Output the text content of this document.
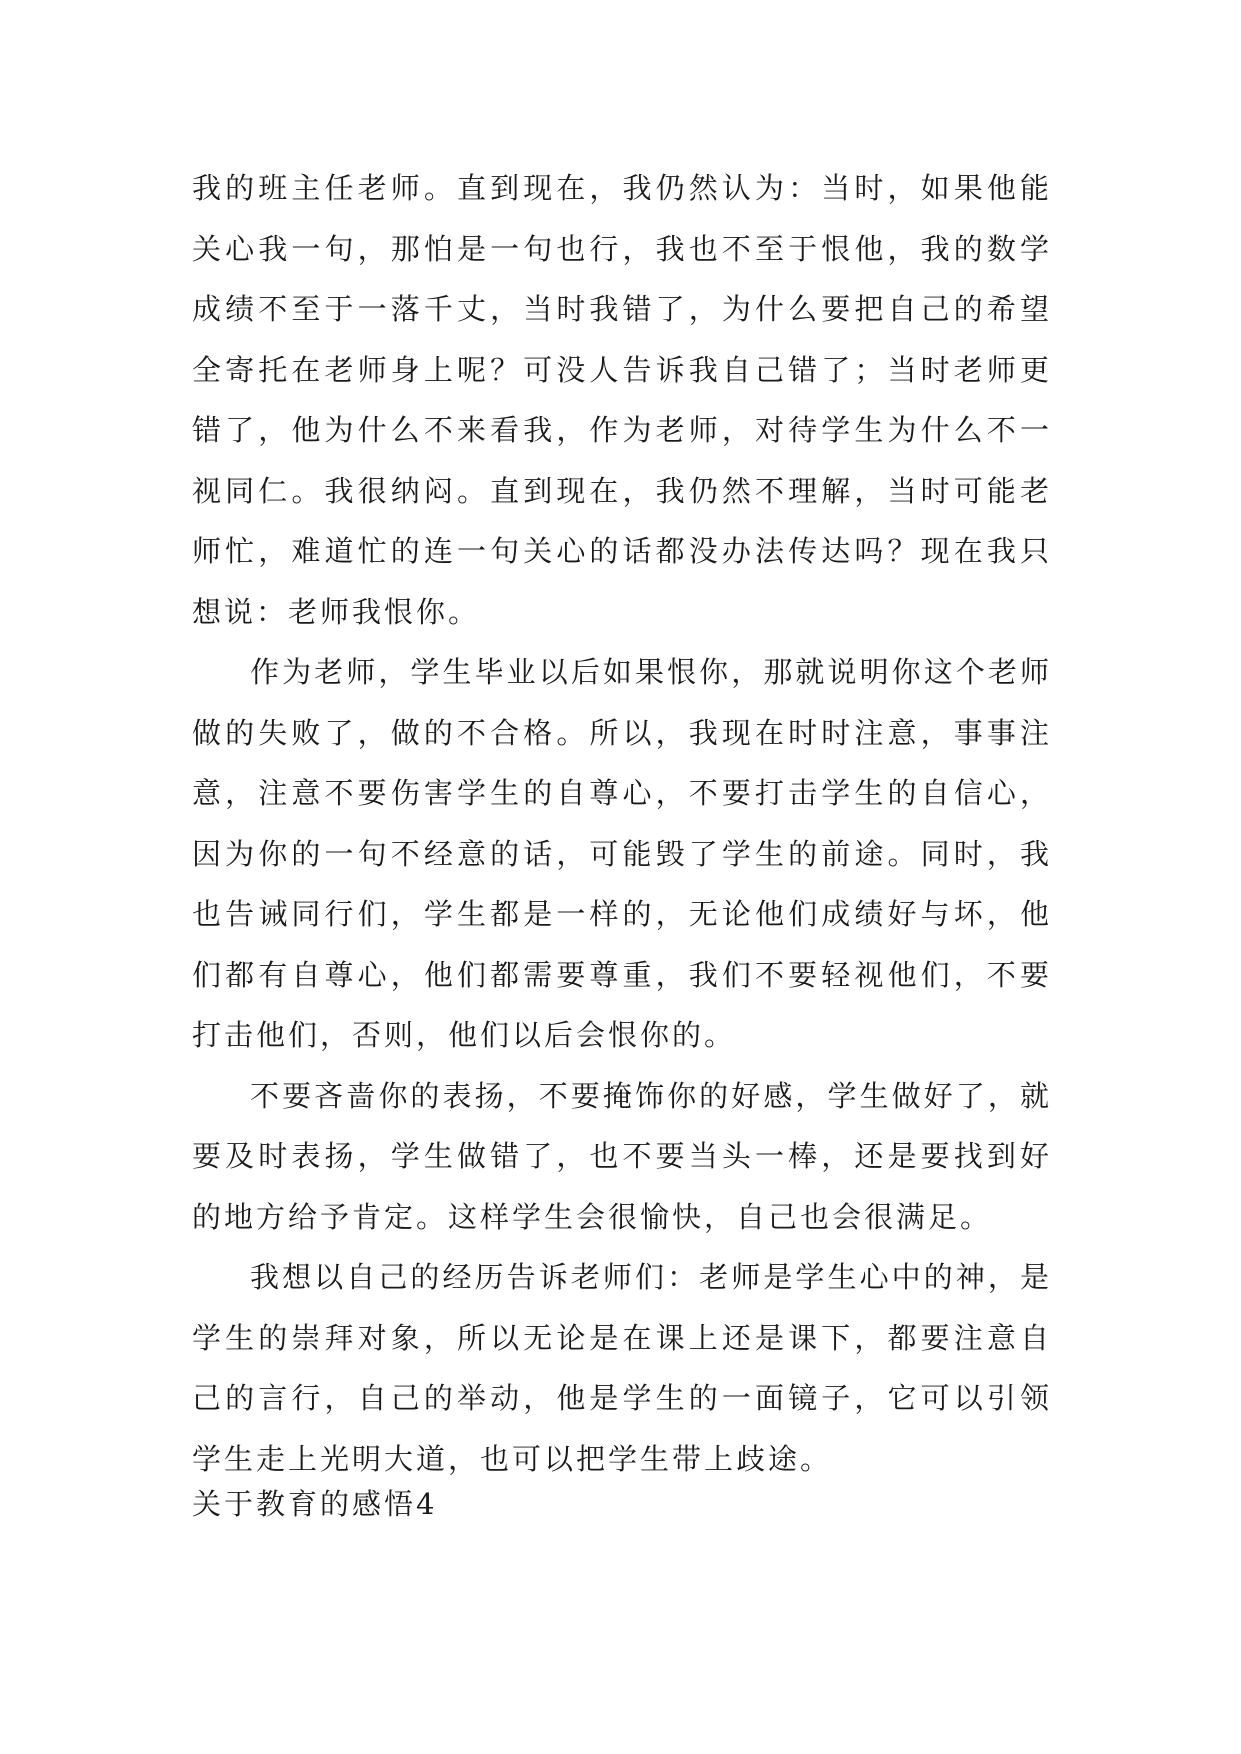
我的班主任老师。直到现在，我仍然认为：当时，如果他能关心我一句，那怕是一句也行，我也不至于恨他，我的数学成绩不至于一落千丈，当时我错了，为什么要把自己的希望全寄托在老师身上呢？可没人告诉我自己错了；当时老师更错了，他为什么不来看我，作为老师，对待学生为什么不一视同仁。我很纳闷。直到现在，我仍然不理解，当时可能老师忙，难道忙的连一句关心的话都没办法传达吗？现在我只想说：老师我恨你。

作为老师，学生毕业以后如果恨你，那就说明你这个老师做的失败了，做的不合格。所以，我现在时时注意，事事注意，注意不要伤害学生的自尊心，不要打击学生的自信心，因为你的一句不经意的话，可能毁了学生的前途。同时，我也告诫同行们，学生都是一样的，无论他们成绩好与坏，他们都有自尊心，他们都需要尊重，我们不要轻视他们，不要打击他们，否则，他们以后会恨你的。

不要吝啬你的表扬，不要掩饰你的好感，学生做好了，就要及时表扬，学生做错了，也不要当头一棒，还是要找到好的地方给予肯定。这样学生会很愉快，自己也会很满足。

我想以自己的经历告诉老师们：老师是学生心中的神，是学生的崇拜对象，所以无论是在课上还是课下，都要注意自己的言行，自己的举动，他是学生的一面镜子，它可以引领学生走上光明大道，也可以把学生带上歧途。

关于教育的感悟4
